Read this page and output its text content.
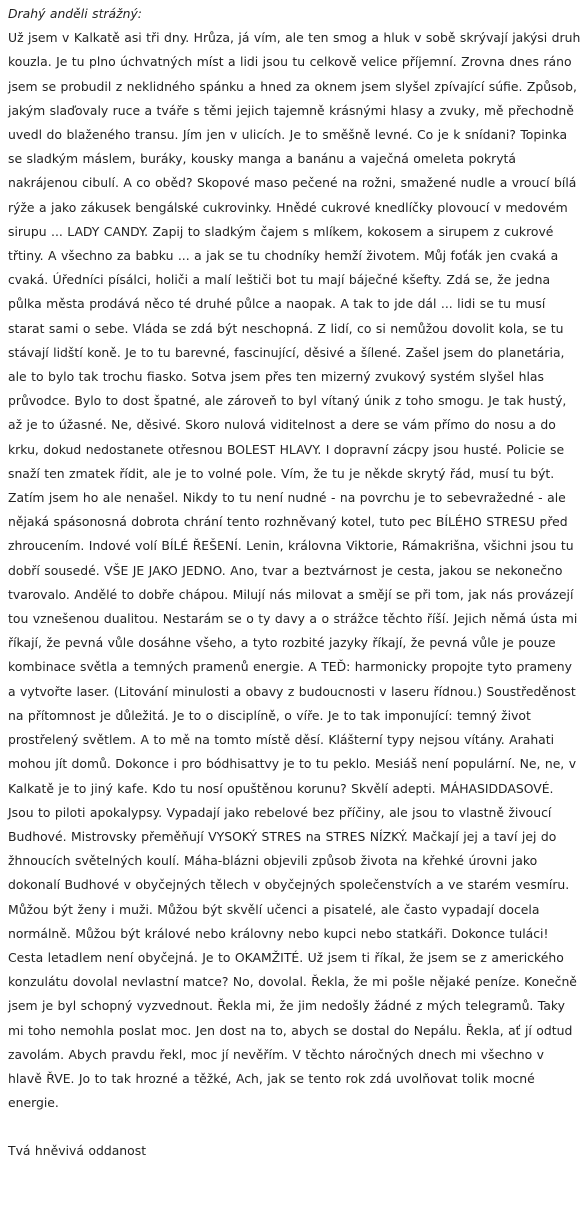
Drahý anděli strážný:
Už jsem v Kalkatě asi tři dny. Hrůza, já vím, ale ten smog a hluk v sobě skrývají jakýsi druh kouzla. Je tu plno úchvatných míst a lidi jsou tu celkově velice příjemní. Zrovna dnes ráno jsem se probudil z neklidného spánku a hned za oknem jsem slyšel zpívající súfie. Způsob, jakým slaďovaly ruce a tváře s těmi jejich tajemně krásnými hlasy a zvuky, mě přechodně uvedl do blaženého transu. Jím jen v ulicích. Je to směšně levné. Co je k snídani? Topinka se sladkým máslem, buráky, kousky manga a banánu a vaječná omeleta pokrytá nakrájenou cibulí. A co oběd? Skopové maso pečené na rožni, smažené nudle a vroucí bílá rýže a jako zákusek bengálské cukrovinky. Hnědé cukrové knedlíčky plovoucí v medovém sirupu ... LADY CANDY. Zapij to sladkým čajem s mlíkem, kokosem a sirupem z cukrové třtiny. A všechno za babku ... a jak se tu chodníky hemží životem. Můj foťák jen cvaká a cvaká. Úředníci písálci, holiči a malí leštiči bot tu mají báječné kšefty. Zdá se, že jedna půlka města prodává něco té druhé půlce a naopak. A tak to jde dál ... lidi se tu musí starat sami o sebe. Vláda se zdá být neschopná. Z lidí, co si nemůžou dovolit kola, se tu stávají lidští koně. Je to tu barevné, fascinující, děsivé a šílené. Zašel jsem do planetária, ale to bylo tak trochu fiasko. Sotva jsem přes ten mizerný zvukový systém slyšel hlas průvodce. Bylo to dost špatné, ale zároveň to byl vítaný únik z toho smogu. Je tak hustý, až je to úžasné. Ne, děsivé. Skoro nulová viditelnost a dere se vám přímo do nosu a do krku, dokud nedostanete otřesnou BOLEST HLAVY. I dopravní zácpy jsou husté. Policie se snaží ten zmatek řídit, ale je to volné pole. Vím, že tu je někde skrytý řád, musí tu být. Zatím jsem ho ale nenašel. Nikdy to tu není nudné - na povrchu je to sebevražedné - ale nějaká spásonosná dobrota chrání tento rozhněvaný kotel, tuto pec BÍLÉHO STRESU před zhroucením. Indové volí BÍLÉ ŘEŠENÍ. Lenin, královna Viktorie, Rámakrišna, všichni jsou tu dobří sousedé. VŠE JE JAKO JEDNO. Ano, tvar a beztvárnost je cesta, jakou se nekonečno tvarovalo. Andělé to dobře chápou. Milují nás milovat a smějí se při tom, jak nás provázejí tou vznešenou dualitou. Nestarám se o ty davy a o strážce těchto říší. Jejich němá ústa mi říkají, že pevná vůle dosáhne všeho, a tyto rozbité jazyky říkají, že pevná vůle je pouze kombinace světla a temných pramenů energie. A TEĎ: harmonicky propojte tyto prameny a vytvořte laser. (Litování minulosti a obavy z budoucnosti v laseru řídnou.) Soustředěnost na přítomnost je důležitá. Je to o disciplíně, o víře. Je to tak imponující: temný život prostřelený světlem. A to mě na tomto místě děsí. Klášterní typy nejsou vítány. Arahati mohou jít domů. Dokonce i pro bódhisattvy je to tu peklo. Mesiáš není populární. Ne, ne, v Kalkatě je to jiný kafe. Kdo tu nosí opuštěnou korunu? Skvělí adepti. MÁHASIDDASOVÉ. Jsou to piloti apokalypsy. Vypadají jako rebelové bez příčiny, ale jsou to vlastně živoucí Budhové. Mistrovsky přeměňují VYSOKÝ STRES na STRES NÍZKÝ. Mačkají jej a taví jej do žhnoucích světelných koulí. Máha-blázni objevili způsob života na křehké úrovni jako dokonalí Budhové v obyčejných tělech v obyčejných společenstvích a ve starém vesmíru. Můžou být ženy i muži. Můžou být skvělí učenci a pisatelé, ale často vypadají docela normálně. Můžou být králové nebo královny nebo kupci nebo statkáři. Dokonce tuláci! Cesta letadlem není obyčejná. Je to OKAMŽITÉ. Už jsem ti říkal, že jsem se z amerického konzulátu dovolal nevlastní matce? No, dovolal. Řekla, že mi pošle nějaké peníze. Konečně jsem je byl schopný vyzvednout. Řekla mi, že jim nedošly žádné z mých telegramů. Taky mi toho nemohla poslat moc. Jen dost na to, abych se dostal do Nepálu. Řekla, ať jí odtud zavolám. Abych pravdu řekl, moc jí nevěřím. V těchto náročných dnech mi všechno v hlavě ŘVE. Jo to tak hrozné a těžké, Ach, jak se tento rok zdá uvolňovat tolik mocné energie.
Tvá hněvivá oddanost
